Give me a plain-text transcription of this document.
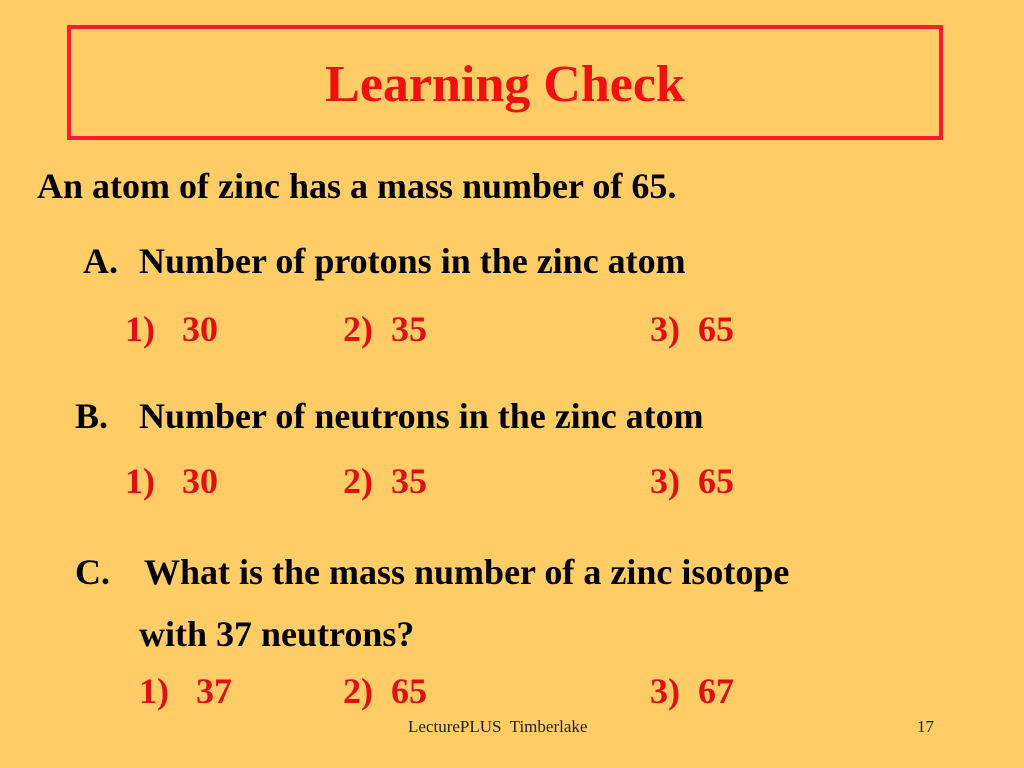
Learning Check
An atom of zinc has a mass number of 65.
A. Number of protons in the zinc atom
1)   30	2)  35	3)  65
B. Number of neutrons in the zinc atom
1)   30	2)  35	3)  65
C. What is the mass number of a zinc isotope
with 37 neutrons?
1)   37	2)  65	3)  67
LecturePLUS  Timberlake	17
